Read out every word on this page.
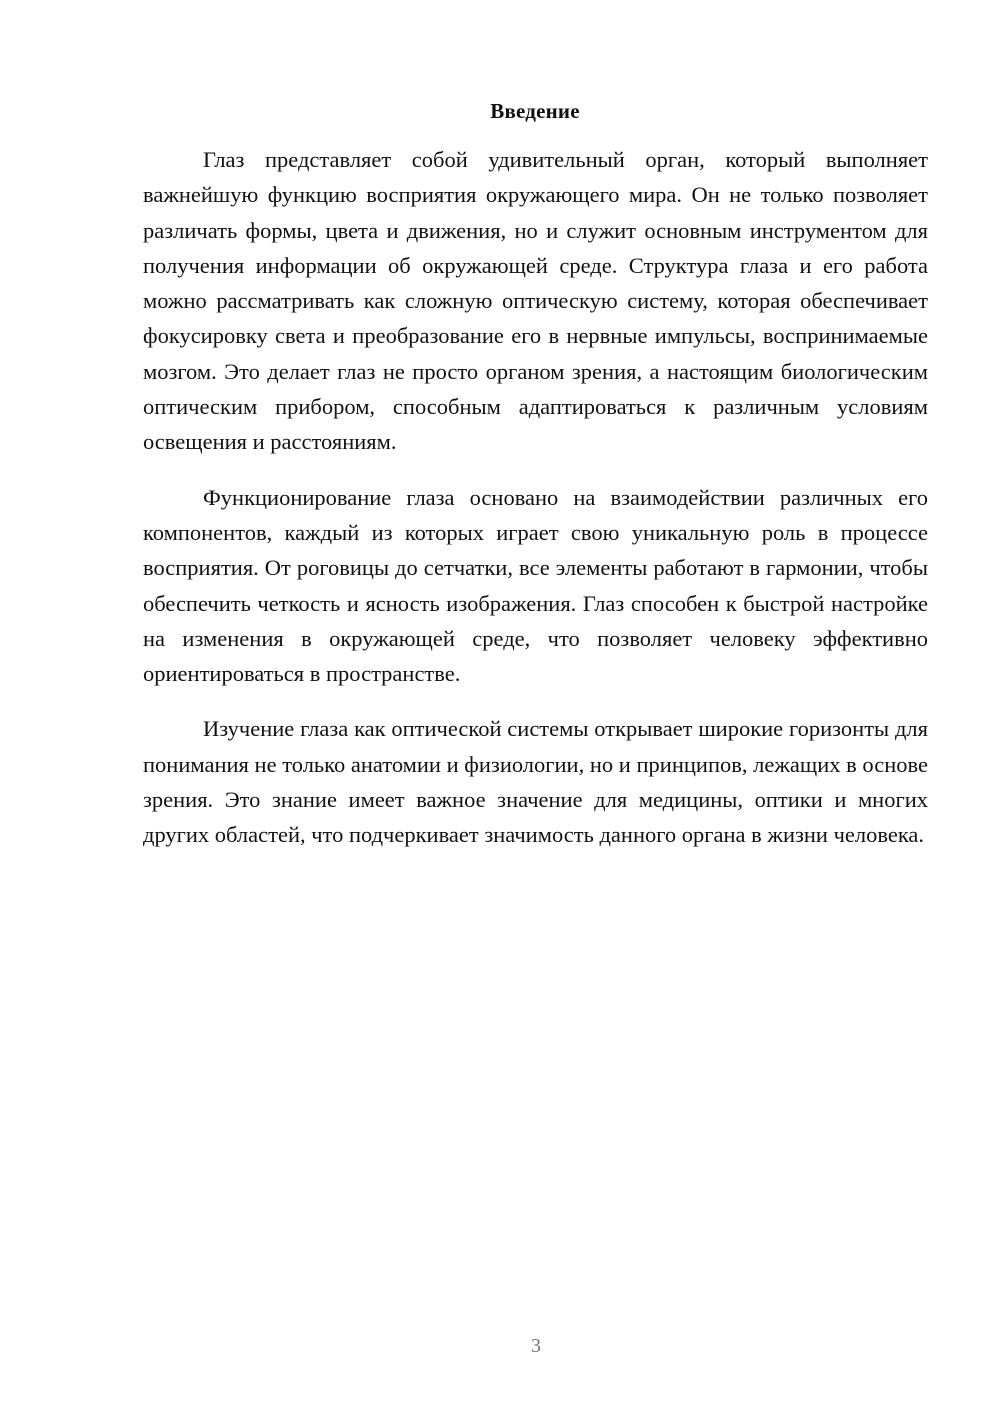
Введение

Глаз представляет собой удивительный орган, который выполняет важнейшую функцию восприятия окружающего мира. Он не только позволяет различать формы, цвета и движения, но и служит основным инструментом для получения информации об окружающей среде. Структура глаза и его работа можно рассматривать как сложную оптическую систему, которая обеспечивает фокусировку света и преобразование его в нервные импульсы, воспринимаемые мозгом. Это делает глаз не просто органом зрения, а настоящим биологическим оптическим прибором, способным адаптироваться к различным условиям освещения и расстояниям.

Функционирование глаза основано на взаимодействии различных его компонентов, каждый из которых играет свою уникальную роль в процессе восприятия. От роговицы до сетчатки, все элементы работают в гармонии, чтобы обеспечить четкость и ясность изображения. Глаз способен к быстрой настройке на изменения в окружающей среде, что позволяет человеку эффективно ориентироваться в пространстве.

Изучение глаза как оптической системы открывает широкие горизонты для понимания не только анатомии и физиологии, но и принципов, лежащих в основе зрения. Это знание имеет важное значение для медицины, оптики и многих других областей, что подчеркивает значимость данного органа в жизни человека.

3
